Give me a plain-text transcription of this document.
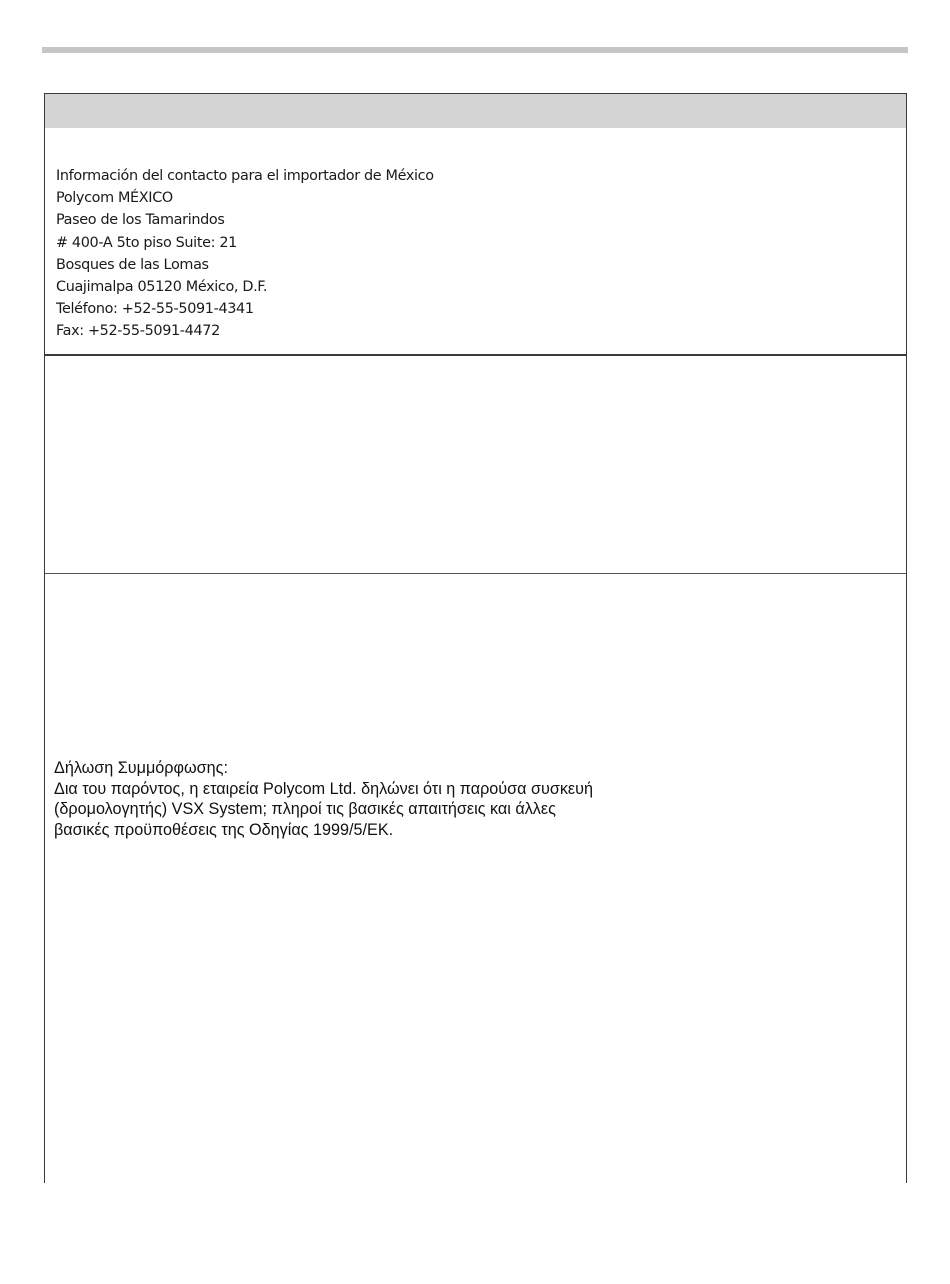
Información del contacto para el importador de México
Polycom MÉXICO
Paseo de los Tamarindos
# 400-A 5to piso Suite: 21
Bosques de las Lomas
Cuajimalpa 05120 México, D.F.
Teléfono: +52-55-5091-4341
Fax: +52-55-5091-4472
Δήλωση Συμμόρφωσης:
Δια του παρόντος, η εταιρεία Polycom Ltd. δηλώνει ότι η παρούσα συσκευή
(δρομολογητής) VSX System; πληροί τις βασικές απαιτήσεις και άλλες
βασικές προϋποθέσεις της Οδηγίας 1999/5/ΕΚ.
